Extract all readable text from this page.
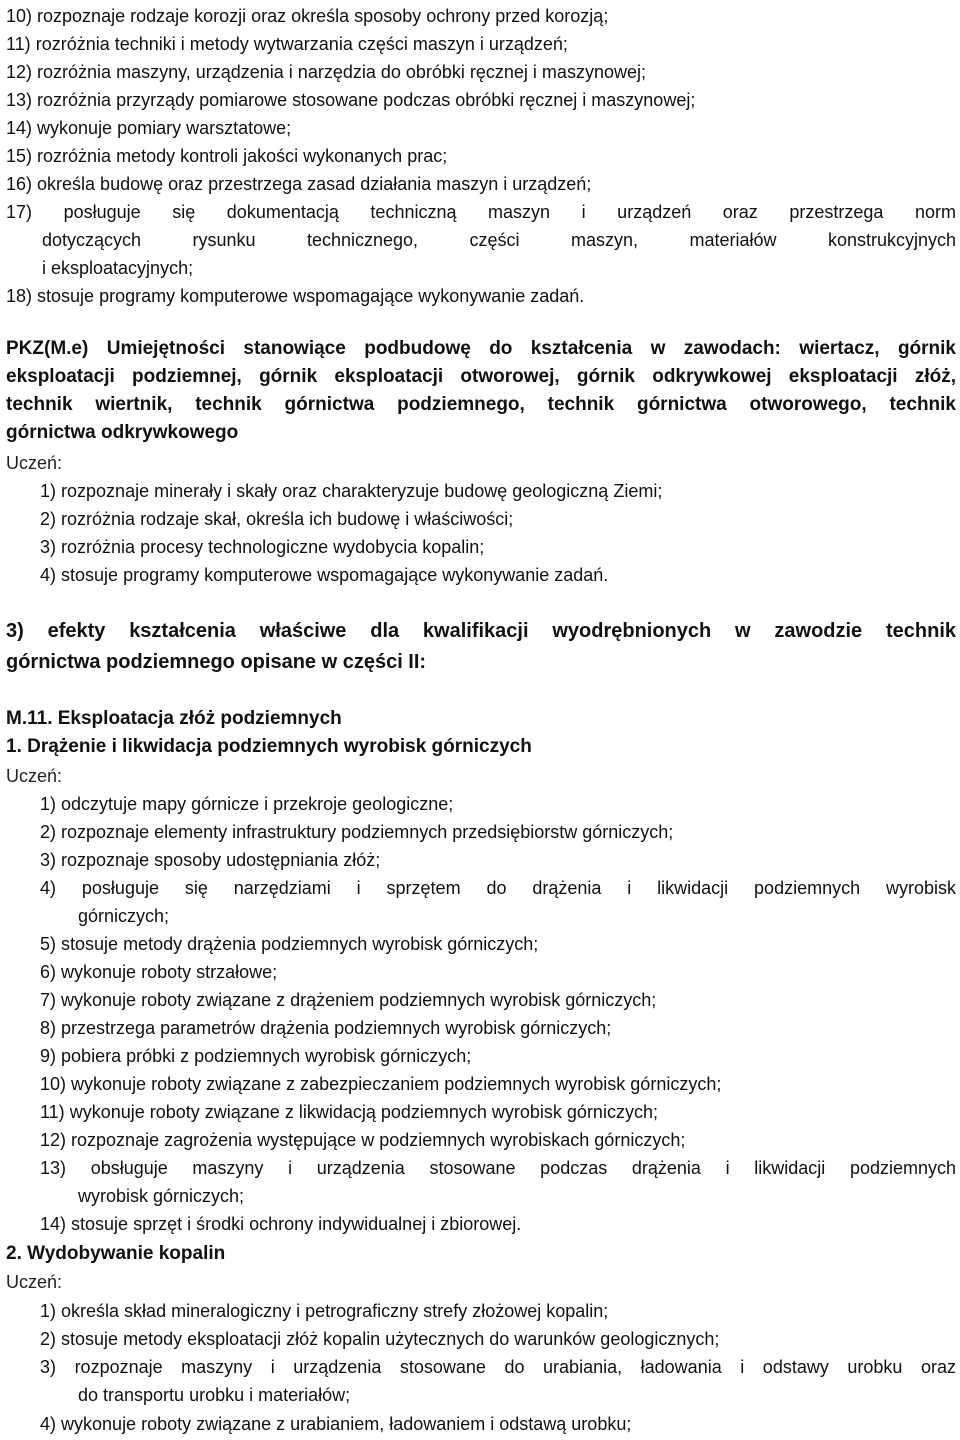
10) rozpoznaje rodzaje korozji oraz określa sposoby ochrony przed korozją;
11) rozróżnia techniki i metody wytwarzania części maszyn i urządzeń;
12) rozróżnia maszyny, urządzenia i narzędzia do obróbki ręcznej i maszynowej;
13) rozróżnia przyrządy pomiarowe stosowane podczas obróbki ręcznej i maszynowej;
14) wykonuje pomiary warsztatowe;
15) rozróżnia metody kontroli jakości wykonanych prac;
16) określa budowę oraz przestrzega zasad działania maszyn i urządzeń;
17) posługuje się dokumentacją techniczną maszyn i urządzeń oraz przestrzega norm
dotyczących rysunku technicznego, części maszyn, materiałów konstrukcyjnych
i eksploatacyjnych;
18) stosuje programy komputerowe wspomagające wykonywanie zadań.
PKZ(M.e) Umiejętności stanowiące podbudowę do kształcenia w zawodach: wiertacz, górnik
eksploatacji podziemnej, górnik eksploatacji otworowej, górnik odkrywkowej eksploatacji złóż,
technik wiertnik, technik górnictwa podziemnego, technik górnictwa otworowego, technik
górnictwa odkrywkowego
Uczeń:
1) rozpoznaje minerały i skały oraz charakteryzuje budowę geologiczną Ziemi;
2) rozróżnia rodzaje skał, określa ich budowę i właściwości;
3) rozróżnia procesy technologiczne wydobycia kopalin;
4) stosuje programy komputerowe wspomagające wykonywanie zadań.
3) efekty kształcenia właściwe dla kwalifikacji wyodrębnionych w zawodzie technik
górnictwa podziemnego opisane w części II:
M.11. Eksploatacja złóż podziemnych
1. Drążenie i likwidacja podziemnych wyrobisk górniczych
Uczeń:
1) odczytuje mapy górnicze i przekroje geologiczne;
2) rozpoznaje elementy infrastruktury podziemnych przedsiębiorstw górniczych;
3) rozpoznaje sposoby udostępniania złóż;
4) posługuje się narzędziami i sprzętem do drążenia i likwidacji podziemnych wyrobisk
górniczych;
5) stosuje metody drążenia podziemnych wyrobisk górniczych;
6) wykonuje roboty strzałowe;
7) wykonuje roboty związane z drążeniem podziemnych wyrobisk górniczych;
8) przestrzega parametrów drążenia podziemnych wyrobisk górniczych;
9) pobiera próbki z podziemnych wyrobisk górniczych;
10) wykonuje roboty związane z zabezpieczaniem podziemnych wyrobisk górniczych;
11) wykonuje roboty związane z likwidacją podziemnych wyrobisk górniczych;
12) rozpoznaje zagrożenia występujące w podziemnych wyrobiskach górniczych;
13) obsługuje maszyny i urządzenia stosowane podczas drążenia i likwidacji podziemnych
wyrobisk górniczych;
14) stosuje sprzęt i środki ochrony indywidualnej i zbiorowej.
2. Wydobywanie kopalin
Uczeń:
1) określa skład mineralogiczny i petrograficzny strefy złożowej kopalin;
2) stosuje metody eksploatacji złóż kopalin użytecznych do warunków geologicznych;
3) rozpoznaje maszyny i urządzenia stosowane do urabiania, ładowania i odstawy urobku oraz
do transportu urobku i materiałów;
4) wykonuje roboty związane z urabianiem, ładowaniem i odstawą urobku;
